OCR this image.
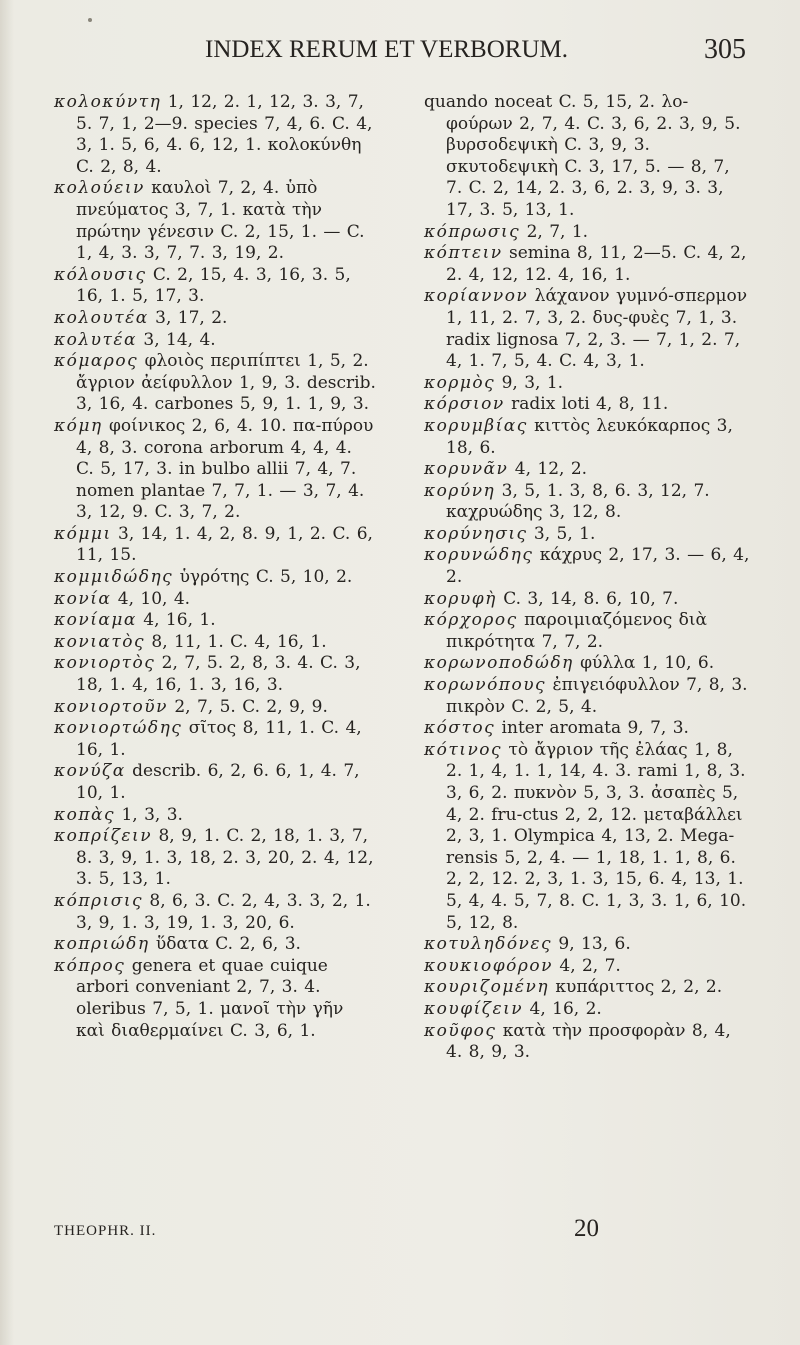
INDEX RERUM ET VERBORUM.	305

κολοκύντη 1, 12, 2. 1, 12, 3. 3, 7, 5. 7, 1, 2—9. species 7, 4, 6. C. 4, 3, 1. 5, 6, 4. 6, 12, 1. κολοκύνθη C. 2, 8, 4.

κολούειν καυλοὶ 7, 2, 4. ὑπὸ πνεύματος 3, 7, 1. κατὰ τὴν πρώτην γένεσιν C. 2, 15, 1. — C. 1, 4, 3. 3, 7, 7. 3, 19, 2.

κόλουσις C. 2, 15, 4. 3, 16, 3. 5, 16, 1. 5, 17, 3.

κολουτέα 3, 17, 2.

κολυτέα 3, 14, 4.

κόμαρος φλοιὸς περιπίπτει 1, 5, 2. ἄγριον ἀείφυλλον 1, 9, 3. describ. 3, 16, 4. carbones 5, 9, 1. 1, 9, 3.

κόμη φοίνικος 2, 6, 4. 10. πα-πύρου 4, 8, 3. corona arborum 4, 4, 4. C. 5, 17, 3. in bulbo allii 7, 4, 7. nomen plantae 7, 7, 1. — 3, 7, 4. 3, 12, 9. C. 3, 7, 2.

κόμμι 3, 14, 1. 4, 2, 8. 9, 1, 2. C. 6, 11, 15.

κομμιδώδης ὑγρότης C. 5, 10, 2.

κονία 4, 10, 4.

κονίαμα 4, 16, 1.

κονιατὸς 8, 11, 1. C. 4, 16, 1.

κονιορτὸς 2, 7, 5. 2, 8, 3. 4. C. 3, 18, 1. 4, 16, 1. 3, 16, 3.

κονιορτοῦν 2, 7, 5. C. 2, 9, 9.

κονιορτώδης σῖτος 8, 11, 1. C. 4, 16, 1.

κονύζα describ. 6, 2, 6. 6, 1, 4. 7, 10, 1.

κοπὰς 1, 3, 3.

κοπρίζειν 8, 9, 1. C. 2, 18, 1. 3, 7, 8. 3, 9, 1. 3, 18, 2. 3, 20, 2. 4, 12, 3. 5, 13, 1.

κόπρισις 8, 6, 3. C. 2, 4, 3. 3, 2, 1. 3, 9, 1. 3, 19, 1. 3, 20, 6.

κοπριώδη ὕδατα C. 2, 6, 3.

κόπρος genera et quae cuique arbori conveniant 2, 7, 3. 4. oleribus 7, 5, 1. μανοῖ τὴν γῆν καὶ διαθερμαίνει C. 3, 6, 1.

quando noceat C. 5, 15, 2. λο-φούρων 2, 7, 4. C. 3, 6, 2. 3, 9, 5. βυρσοδεψικὴ C. 3, 9, 3. σκυτοδεψικὴ C. 3, 17, 5. — 8, 7, 7. C. 2, 14, 2. 3, 6, 2. 3, 9, 3. 3, 17, 3. 5, 13, 1.

κόπρωσις 2, 7, 1.

κόπτειν semina 8, 11, 2—5. C. 4, 2, 2. 4, 12, 12. 4, 16, 1.

κορίαννον λάχανον γυμνό-σπερμον 1, 11, 2. 7, 3, 2. δυς-φυὲς 7, 1, 3. radix lignosa 7, 2, 3. — 7, 1, 2. 7, 4, 1. 7, 5, 4. C. 4, 3, 1.

κορμὸς 9, 3, 1.

κόρσιον radix loti 4, 8, 11.

κορυμβίας κιττὸς λευκόκαρπος 3, 18, 6.

κορυνᾶν 4, 12, 2.

κορύνη 3, 5, 1. 3, 8, 6. 3, 12, 7. καχρυώδης 3, 12, 8.

κορύνησις 3, 5, 1.

κορυνώδης κάχρυς 2, 17, 3. — 6, 4, 2.

κορυφὴ C. 3, 14, 8. 6, 10, 7.

κόρχορος παροιμιαζόμενος διὰ πικρότητα 7, 7, 2.

κορωνοποδώδη φύλλα 1, 10, 6.

κορωνόπους ἐπιγειόφυλλον 7, 8, 3. πικρὸν C. 2, 5, 4.

κόστος inter aromata 9, 7, 3.

κότινος τὸ ἄγριον τῆς ἐλάας 1, 8, 2. 1, 4, 1. 1, 14, 4. 3. rami 1, 8, 3. 3, 6, 2. πυκνὸν 5, 3, 3. ἀσαπὲς 5, 4, 2. fru-ctus 2, 2, 12. μεταβάλλει 2, 3, 1. Olympica 4, 13, 2. Mega-rensis 5, 2, 4. — 1, 18, 1. 1, 8, 6. 2, 2, 12. 2, 3, 1. 3, 15, 6. 4, 13, 1. 5, 4, 4. 5, 7, 8. C. 1, 3, 3. 1, 6, 10. 5, 12, 8.

κοτυληδόνες 9, 13, 6.

κουκιοφόρον 4, 2, 7.

κουριζομένη κυπάριττος 2, 2, 2.

κουφίζειν 4, 16, 2.

κοῦφος κατὰ τὴν προσφορὰν 8, 4, 4. 8, 9, 3.

THEOPHR. II.	20
